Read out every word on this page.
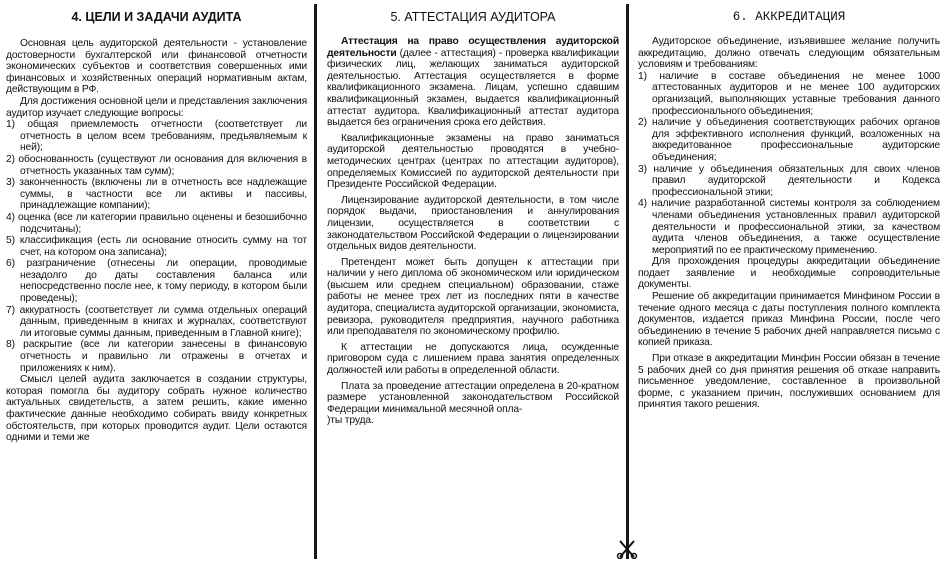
4. ЦЕЛИ И ЗАДАЧИ АУДИТА

Основная цель аудиторской деятельности - установление достоверности бухгалтерской или финансовой отчетности экономических субъектов и соответствия совершенных ими финансовых и хозяйственных операций нормативным актам, действующим в РФ.

Для достижения основной цели и представления заключения аудитор изучает следующие вопросы:

1) общая приемлемость отчетности (соответствует ли отчетность в целом всем требованиям, предъявляемым к ней);

2) обоснованность (существуют ли основания для включения в отчетность указанных там сумм);

3) законченность (включены ли в отчетность все надлежащие суммы, в частности все ли активы и пассивы, принадлежащие компании);

4) оценка (все ли категории правильно оценены и безошибочно подсчитаны);

5) классификация (есть ли основание относить сумму на тот счет, на котором она записана);

6) разграничение (отнесены ли операции, проводимые незадолго до даты составления баланса или непосредственно после нее, к тому периоду, в котором были проведены);

7) аккуратность (соответствует ли сумма отдельных операций данным, приведенным в книгах и журналах, соответствуют ли итоговые суммы данным, приведенным в Главной книге);

8) раскрытие (все ли категории занесены в финансовую отчетность и правильно ли отражены в отчетах и приложениях к ним).

Смысл целей аудита заключается в создании структуры, которая помогла бы аудитору собрать нужное количество актуальных свидетельств, а затем решить, какие именно фактические данные необходимо собирать ввиду конкретных обстоятельств, при которых проводится аудит. Цели остаются одними и теми же

5. АТТЕСТАЦИЯ АУДИТОРА

Аттестация на право осуществления аудиторской деятельности (далее - аттестация) - проверка квалификации физических лиц, желающих заниматься аудиторской деятельностью. Аттестация осуществляется в форме квалификационного экзамена. Лицам, успешно сдавшим квалификационный экзамен, выдается квалификационный аттестат аудитора. Квалификационный аттестат аудитора выдается без ограничения срока его действия.

Квалификационные экзамены на право заниматься аудиторской деятельностью проводятся в учебно-методических центрах (центрах по аттестации аудиторов), определяемых Комиссией по аудиторской деятельности при Президенте Российской Федерации.

Лицензирование аудиторской деятельности, в том числе порядок выдачи, приостановления и аннулирования лицензии, осуществляется в соответствии с законодательством Российской Федерации о лицензировании отдельных видов деятельности.

Претендент может быть допущен к аттестации при наличии у него диплома об экономическом или юридическом (высшем или среднем специальном) образовании, стаже работы не менее трех лет из последних пяти в качестве аудитора, специалиста аудиторской организации, экономиста, ревизора, руководителя предприятия, научного работника или преподавателя по экономическому профилю.

К аттестации не допускаются лица, осужденные приговором суда с лишением права занятия определенных должностей или работы в определенной области.

Плата за проведение аттестации определена в 20-кратном размере установленной законодательством Российской Федерации минимальной месячной опла-

)ты труда.

6. АККРЕДИТАЦИЯ

Аудиторское объединение, изъявившее желание получить аккредитацию, должно отвечать следующим обязательным условиям и требованиям:

1) наличие в составе объединения не менее 1000 аттестованных аудиторов и не менее 100 аудиторских организаций, выполняющих уставные требования данного профессионального объединения;

2) наличие у объединения соответствующих рабочих органов для эффективного исполнения функций, возложенных на аккредитованное профессиональные аудиторские объединения;

3) наличие у объединения обязательных для своих членов правил аудиторской деятельности и Кодекса профессиональной этики;

4) наличие разработанной системы контроля за соблюдением членами объединения установленных правил аудиторской деятельности и профессиональной этики, за качеством аудита членов объединения, а также осуществление мероприятий по ее практическому применению.

Для прохождения процедуры аккредитации объединение подает заявление и необходимые сопроводительные документы.

Решение об аккредитации принимается Минфином России в течение одного месяца с даты поступления полного комплекта документов, издается приказ Минфина России, после чего объединению в течение 5 рабочих дней направляется письмо с копией приказа.

При отказе в аккредитации Минфин России обязан в течение 5 рабочих дней со дня принятия решения об отказе направить письменное уведомление, составленное в произвольной форме, с указанием причин, послуживших основанием для принятия такого решения.
